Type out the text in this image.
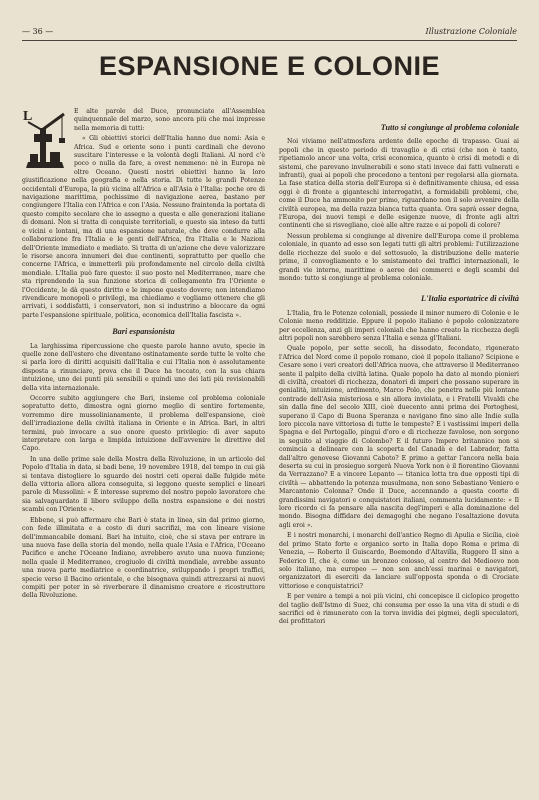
— 36 —	Illustrazione Coloniale
ESPANSIONE E COLONIE
L	E alte parole del Duce, pronunciate all'Assemblea quinquennale del marzo, sono ancora più che mai impresse nella memoria di tutti:

« Gli obiettivi storici dell'Italia hanno due nomi: Asia e Africa. Sud e oriente sono i punti cardinali che devono suscitare l'interesse e la volontà degli Italiani. Al nord c'è poco o nulla da fare, a ovest nemmeno: nè in Europa nè oltre Oceano. Questi nostri obiettivi hanno la loro giustificazione nella geografia e nella storia. Di tutte le grandi Potenze occidentali d'Europa, la più vicina all'Africa e all'Asia è l'Italia: poche ore di navigazione marittima, pochissime di navigazione aerea, bastano per congiungere l'Italia con l'Africa e con l'Asia. Nessuno fraintenda la portata di questo compito secolare che io assegno a questa e alle generazioni italiane di domani. Non si tratta di conquiste territoriali, e questo sia inteso da tutti e vicini e lontani, ma di una espansione naturale, che deve condurre alla collaborazione fra l'Italia e le genti dell'Africa, fra l'Italia e le Nazioni dell'Oriente immediato e mediato. Si tratta di un'azione che deve valorizzare le risorse ancora innumeri dei due continenti, soprattutto per quello che concerne l'Africa, e immetterli più profondamente nel circolo della civiltà mondiale. L'Italia può fare questo: il suo posto nel Mediterraneo, mare che sta riprendendo la sua funzione storica di collegamento fra l'Oriente e l'Occidente, le dà questo diritto e le impone questo dovere; non intendiamo rivendicare monopoli o privilegi, ma chiediamo e vogliamo ottenere che gli arrivati, i soddisfatti, i conservatori, non si industrino a bloccare da ogni parte l'espansione spirituale, politica, economica dell'Italia fascista ».

Bari espansionista

La larghissima ripercussione che queste parole hanno avuto, specie in quelle zone dell'estero che diventano ostinatamente sorde tutte le volte che si parla loro di diritti acquisiti dall'Italia e cui l'Italia non è assolutamente disposta a rinunciare, prova che il Duce ha toccato, con la sua chiara intuizione, uno dei punti più sensibili e quindi uno dei lati più revisionabili della vita internazionale.

Occorre subito aggiungere che Bari, insieme col problema coloniale sopratutto detto, dimostra ogni giorno meglio di sentire fortemente, vorremmo dire mussolinianamente, il problema dell'espansione, cioè dell'irradiazione della civiltà italiana in Oriente e in Africa. Bari, in altri termini, può invocare a suo onore questo privilegio: di aver saputo interpretare con larga e limpida intuizione dell'avvenire le direttive del Capo.

In una delle prime sale della Mostra della Rivoluzione, in un articolo del Popolo d'Italia in data, si badi bene, 19 novembre 1918, del tempo in cui già si tentava distogliere lo sguardo dei nostri ceti operai dalle fulgide mète della vittoria allora allora conseguita, si leggono queste semplici e lineari parole di Mussolini: « È interesse supremo del nostro popolo lavoratore che sia salvaguardato il libero sviluppo della nostra espansione e dei nostri scambi con l'Oriente ».

Ebbene, si può affermare che Bari è stata in linea, sin dal primo giorno, con fede illimitata e a costo di duri sacrifizi, ma con lineare visione dell'immancabile domani. Bari ha intuito, cioè, che si stava per entrare in una nuova fase della storia del mondo, nella quale l'Asia e l'Africa, l'Oceano Pacifico e anche l'Oceano Indiano, avrebbero avuto una nuova funzione; nella quale il Mediterraneo, crogiuolo di civiltà mondiale, avrebbe assunto una nuova parte mediatrice e coordinatrice, sviluppando i propri traffici, specie verso il Bacino orientale, e che bisognava quindi attrezzarsi ai nuovi compiti per poter in sè riverberare il dinamismo creatore e ricostruttore della Rivoluzione.

Tutto si congiunge al problema coloniale

Noi viviamo nell'atmosfera ardente delle epoche di trapasso. Guai ai popoli che in questo periodo di travaglio e di crisi (che non è tanto, ripetiamolo ancor una volta, crisi economica, quanto è crisi di metodi e di sistemi, che parevano invulnerabili e sono stati invece dai fatti vulnerati e infranti), guai ai popoli che procedono a tentoni per regolarsi alla giornata. La fase statica della storia dell'Europa si è definitivamente chiusa, ed essa oggi è di fronte a giganteschi interrogativi, a formidabili problemi, che, come il Duce ha ammonito per primo, riguardano non il solo avvenire della civiltà europea, ma della razza bianca tutta quanta. Ora saprà esser degna, l'Europa, dei nuovi tempi e delle esigenze nuove, di fronte agli altri continenti che si risvegliano, cioè alle altre razze e ai popoli di colore?

Nessun problema si congiunge al divenire dell'Europa come il problema coloniale, in quanto ad esso son legati tutti gli altri problemi: l'utilizzazione delle ricchezze del suolo e del sottosuolo, la distribuzione delle materie prime, il convogliamento e lo smistamento dei traffici internazionali, le grandi vie interne, marittime o aeree dei commerci e degli scambi del mondo: tutto si congiunge al problema coloniale.

L'Italia esportatrice di civiltà

L'Italia, fra le Potenze coloniali, possiede il minor numero di Colonie e le Colonie meno redditizie. Eppure il popolo italiano è popolo colonizzatore per eccellenza, anzi gli imperi coloniali che hanno creato la ricchezza degli altri popoli non sarebbero senza l'Italia e senza gl'Italiani.

Quale popolo, per sette secoli, ha dissodato, fecondato, rigenerato l'Africa del Nord come il popolo romano, cioè il popolo italiano? Scipione e Cesare sono i veri creatori dell'Africa nuova, che attraverso il Mediterraneo sente il palpito della civiltà latina. Quale popolo ha dato al mondo pionieri di civiltà, creatori di ricchezza, donatori di imperi che possano superare in genialità, intuizione, ardimento, Marco Polo, che penetra nelle più lontane contrade dell'Asia misteriosa e sin allora inviolata, e i Fratelli Vivaldi che sin dalla fine del secolo XIII, cioè duecento anni prima dei Portoghesi, superano il Capo di Buona Speranza e navigano fino sino alle Indie sulla loro piccola nave vittoriosa di tutte le tempeste? E i vastissimi imperi della Spagna e del Portogallo, pingui d'oro e di ricchezze favolose, non sorgono in seguito al viaggio di Colombo? E il futuro Impero britannico non si comincia a delineare con la scoperta del Canadà e del Labrador, fatta dall'altro genovese Giovanni Caboto? E primo a gettar l'ancora nella baia deserta su cui in prosieguo sorgerà Nuova York non è il fiorentino Giovanni da Verrazzano? E a vincere Lepanto — titanica lotta tra due opposti tipi di civiltà — abbattendo la potenza musulmana, non sono Sebastiano Veniero e Marcantonio Colonna? Onde il Duce, accennando a questa coorte di grandissimi navigatori e conquistatori italiani, commenta lucidamente: « Il loro ricordo ci fa pensare alla nascita degl'imperi e alla dominazione del mondo. Bisogna diffidare dei demagoghi che negano l'esaltazione dovuta agli eroi ».

E i nostri monarchi, i monarchi dell'antico Regno di Apulia e Sicilia, cioè del primo Stato forte e organico sorto in Italia dopo Roma e prima di Venezia, — Roberto il Guiscardo, Boemondo d'Altavilla, Ruggero II sino a Federico II, che è, come un bronzeo colosso, al centro del Medioevo non solo italiano, ma europeo — non son anch'essi marinai e navigatori, organizzatori di eserciti da lanciare sull'opposta sponda o di Crociate vittoriose e conquistatrici?

E per venire a tempi a noi più vicini, chi concepisce il ciclopico progetto del taglio dell'Istmo di Suez, chi consuma per esso la una vita di studi e di sacrifici ed è rimunerato con la torva invidia dei pigmei, degli speculatori, dei profittatori
